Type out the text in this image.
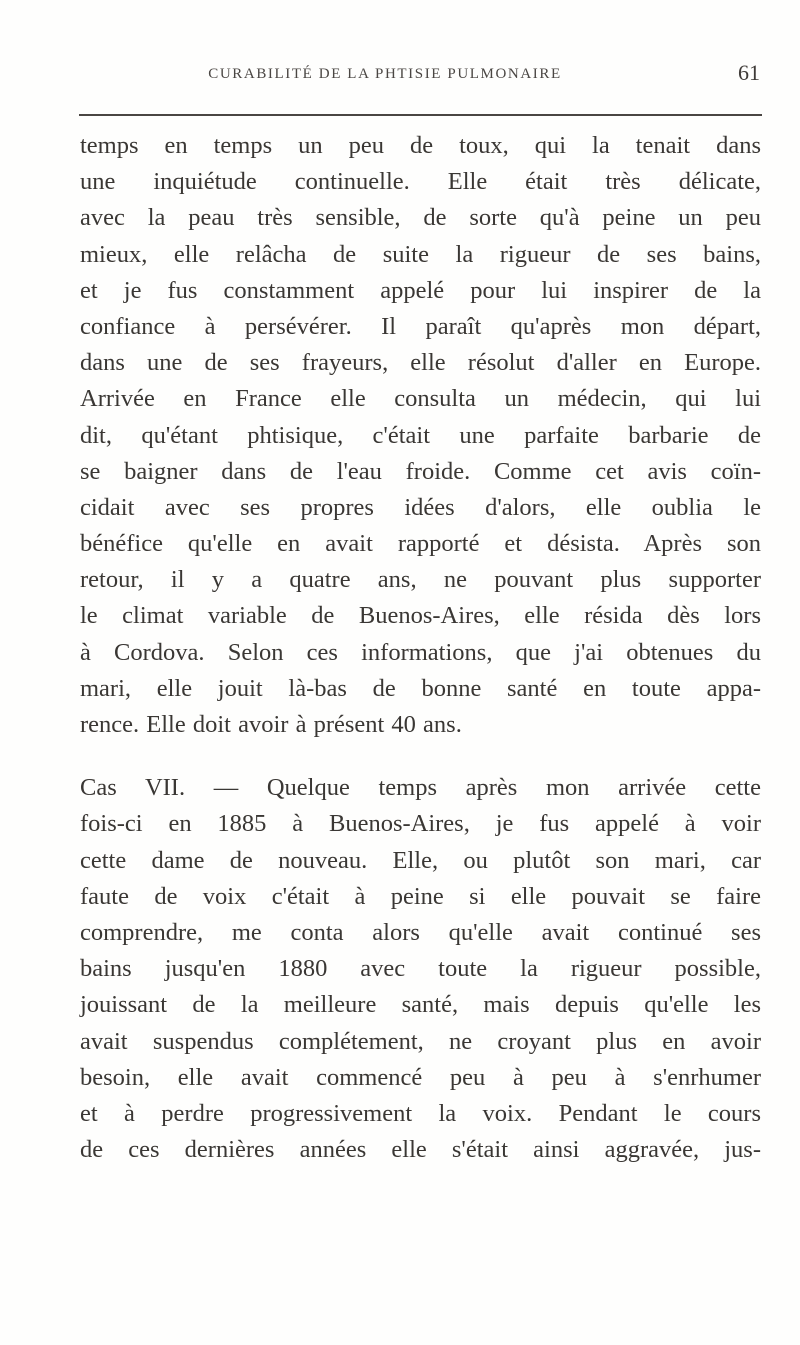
CURABILITÉ DE LA PHTISIE PULMONAIRE	61
temps en temps un peu de toux, qui la tenait dans
une inquiétude continuelle. Elle était très délicate,
avec la peau très sensible, de sorte qu'à peine un peu
mieux, elle relâcha de suite la rigueur de ses bains,
et je fus constamment appelé pour lui inspirer de la
confiance à persévérer. Il paraît qu'après mon départ,
dans une de ses frayeurs, elle résolut d'aller en Europe.
Arrivée en France elle consulta un médecin, qui lui
dit, qu'étant phtisique, c'était une parfaite barbarie de
se baigner dans de l'eau froide. Comme cet avis coïn-
cidait avec ses propres idées d'alors, elle oublia le
bénéfice qu'elle en avait rapporté et désista. Après son
retour, il y a quatre ans, ne pouvant plus supporter
le climat variable de Buenos-Aires, elle résida dès lors
à Cordova. Selon ces informations, que j'ai obtenues du
mari, elle jouit là-bas de bonne santé en toute appa-
rence. Elle doit avoir à présent 40 ans.
Cas VII. — Quelque temps après mon arrivée cette
fois-ci en 1885 à Buenos-Aires, je fus appelé à voir
cette dame de nouveau. Elle, ou plutôt son mari, car
faute de voix c'était à peine si elle pouvait se faire
comprendre, me conta alors qu'elle avait continué ses
bains jusqu'en 1880 avec toute la rigueur possible,
jouissant de la meilleure santé, mais depuis qu'elle les
avait suspendus complétement, ne croyant plus en avoir
besoin, elle avait commencé peu à peu à s'enrhumer
et à perdre progressivement la voix. Pendant le cours
de ces dernières années elle s'était ainsi aggravée, jus-
